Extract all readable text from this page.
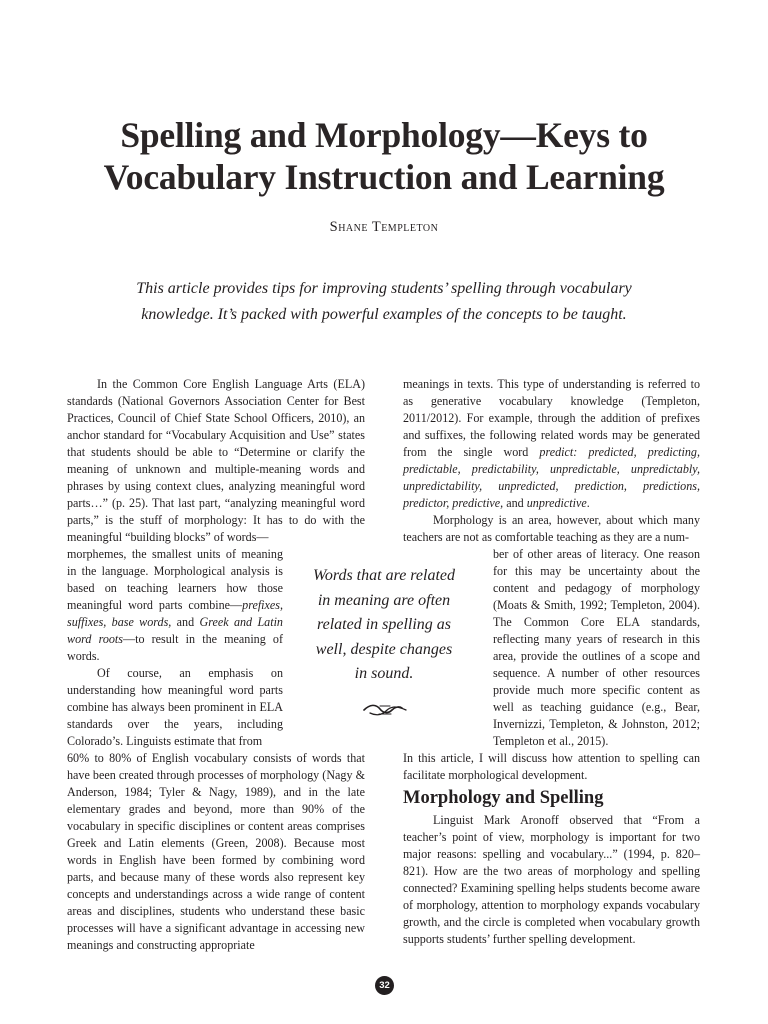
Spelling and Morphology—Keys to
Vocabulary Instruction and Learning
Shane Templeton
This article provides tips for improving students’ spelling through vocabulary
knowledge. It’s packed with powerful examples of the concepts to be taught.

In the Common Core English Language Arts (ELA) standards (National Governors Association Center for Best Practices, Council of Chief State School Officers, 2010), an anchor standard for “Vocabulary Acquisition and Use” states that students should be able to “Determine or clarify the meaning of unknown and multiple-meaning words and phrases by using context clues, analyzing meaningful word parts…” (p. 25). That last part, “analyzing meaningful word parts,” is the stuff of morphology: It has to do with the meaningful “building blocks” of words—

morphemes, the smallest units of meaning in the language. Morphological analysis is based on teaching learners how those meaningful word parts combine—prefixes, suffixes, base words, and Greek and Latin word roots—to result in the meaning of words.

Of course, an emphasis on understanding how meaningful word parts combine has always been prominent in ELA standards over the years, including Colorado’s. Linguists estimate that from

60% to 80% of English vocabulary consists of words that have been created through processes of morphology (Nagy & Anderson, 1984; Tyler & Nagy, 1989), and in the late elementary grades and beyond, more than 90% of the vocabulary in specific disciplines or content areas comprises Greek and Latin elements (Green, 2008). Because most words in English have been formed by combining word parts, and because many of these words also represent key concepts and understandings across a wide range of content areas and disciplines, students who understand these basic processes will have a significant advantage in accessing new meanings and constructing appropriate

Words that are related
in meaning are often
related in spelling as
well, despite changes
in sound.

meanings in texts. This type of understanding is referred to as generative vocabulary knowledge (Templeton, 2011/2012). For example, through the addition of prefixes and suffixes, the following related words may be generated from the single word predict: predicted, predicting, predictable, predictability, unpredictable, unpredictably, unpredictability, unpredicted, prediction, predictions, predictor, predictive, and unpredictive.

Morphology is an area, however, about which many teachers are not as comfortable teaching as they are a num-

ber of other areas of literacy. One reason for this may be uncertainty about the content and pedagogy of morphology (Moats & Smith, 1992; Templeton, 2004). The Common Core ELA standards, reflecting many years of research in this area, provide the outlines of a scope and sequence. A number of other resources provide much more specific content as well as teaching guidance (e.g., Bear, Invernizzi, Templeton, & Johnston, 2012; Templeton et al., 2015).

In this article, I will discuss how attention to spelling can facilitate morphological development.

Morphology and Spelling

Linguist Mark Aronoff observed that “From a teacher’s point of view, morphology is important for two major reasons: spelling and vocabulary...” (1994, p. 820–821). How are the two areas of morphology and spelling connected? Examining spelling helps students become aware of morphology, attention to morphology expands vocabulary growth, and the circle is completed when vocabulary growth supports students’ further spelling development.

32
